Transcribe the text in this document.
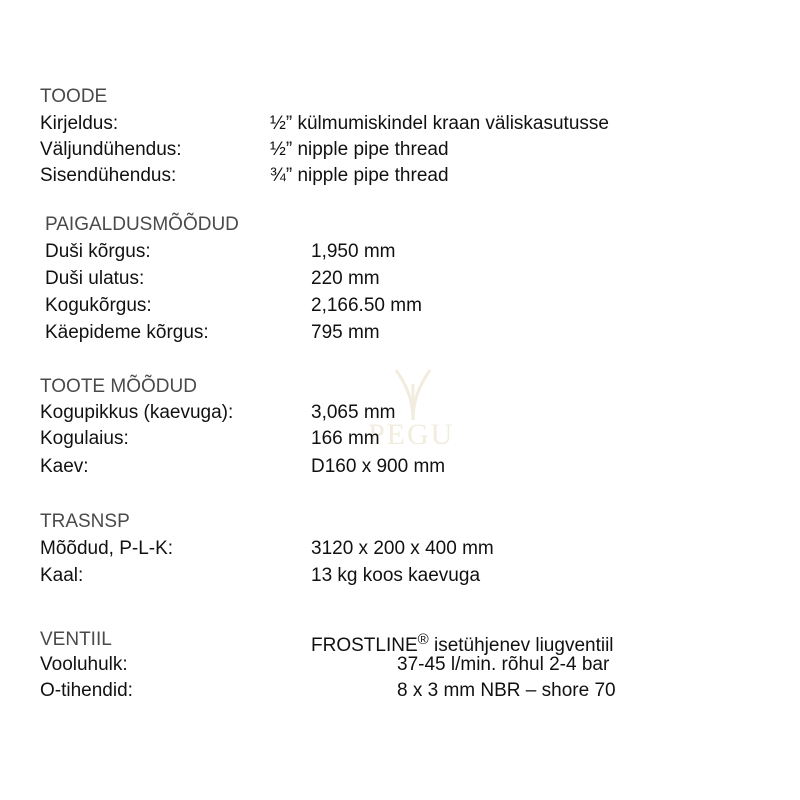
PEGU
TOODE
Kirjeldus:	½” külmumiskindel kraan väliskasutusse
Väljundühendus:	½” nipple pipe thread
Sisendühendus:	¾” nipple pipe thread
PAIGALDUSMÕÕDUD
Duši kõrgus:	1,950 mm
Duši ulatus:	220 mm
Kogukõrgus:	2,166.50 mm
Käepideme kõrgus:	795 mm
TOOTE MÕÕDUD
Kogupikkus (kaevuga):	3,065 mm
Kogulaius:	166 mm
Kaev:	D160 x 900 mm
TRASNSP
Mõõdud, P-L-K:	3120 x 200 x 400 mm
Kaal:	13 kg koos kaevuga
VENTIIL	FROSTLINE® isetühjenev liugventiil
Vooluhulk:	37-45 l/min. rõhul 2-4 bar
O-tihendid:	8 x 3 mm NBR – shore 70
